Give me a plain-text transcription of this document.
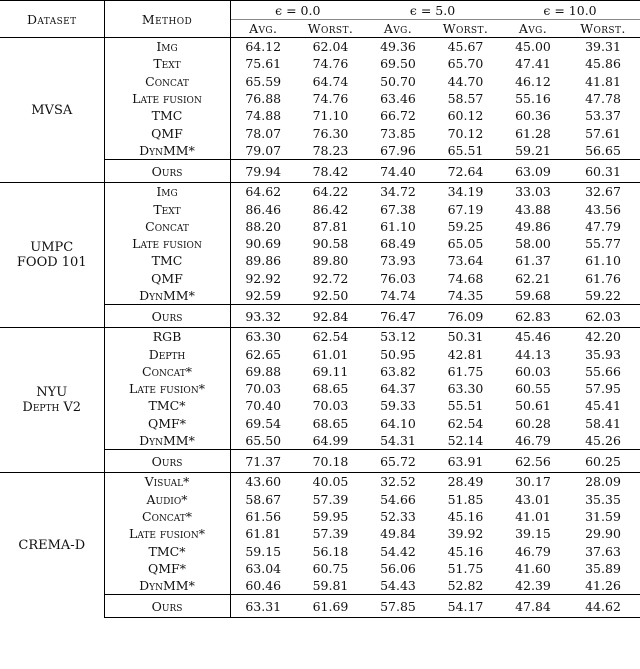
Dataset	Method	ϵ = 0.0		ϵ = 5.0		ϵ = 10.0	
		Avg.	Worst.	Avg.	Worst.	Avg.	Worst.

MVSA	Img	64.12	62.04	49.36	45.67	45.00	39.31
	Text	75.61	74.76	69.50	65.70	47.41	45.86
	Concat	65.59	64.74	50.70	44.70	46.12	41.81
	Late fusion	76.88	74.76	63.46	58.57	55.16	47.78
	TMC	74.88	71.10	66.72	60.12	60.36	53.37
	QMF	78.07	76.30	73.85	70.12	61.28	57.61
	DynMM*	79.07	78.23	67.96	65.51	59.21	56.65
	Ours	79.94	78.42	74.40	72.64	63.09	60.31

UMPC
FOOD 101	Img	64.62	64.22	34.72	34.19	33.03	32.67
	Text	86.46	86.42	67.38	67.19	43.88	43.56
	Concat	88.20	87.81	61.10	59.25	49.86	47.79
	Late fusion	90.69	90.58	68.49	65.05	58.00	55.77
	TMC	89.86	89.80	73.93	73.64	61.37	61.10
	QMF	92.92	92.72	76.03	74.68	62.21	61.76
	DynMM*	92.59	92.50	74.74	74.35	59.68	59.22
	Ours	93.32	92.84	76.47	76.09	62.83	62.03

NYU
Depth V2	RGB	63.30	62.54	53.12	50.31	45.46	42.20
	Depth	62.65	61.01	50.95	42.81	44.13	35.93
	Concat*	69.88	69.11	63.82	61.75	60.03	55.66
	Late fusion*	70.03	68.65	64.37	63.30	60.55	57.95
	TMC*	70.40	70.03	59.33	55.51	50.61	45.41
	QMF*	69.54	68.65	64.10	62.54	60.28	58.41
	DynMM*	65.50	64.99	54.31	52.14	46.79	45.26
	Ours	71.37	70.18	65.72	63.91	62.56	60.25

CREMA-D	Visual*	43.60	40.05	32.52	28.49	30.17	28.09
	Audio*	58.67	57.39	54.66	51.85	43.01	35.35
	Concat*	61.56	59.95	52.33	45.16	41.01	31.59
	Late fusion*	61.81	57.39	49.84	39.92	39.15	29.90
	TMC*	59.15	56.18	54.42	45.16	46.79	37.63
	QMF*	63.04	60.75	56.06	51.75	41.60	35.89
	DynMM*	60.46	59.81	54.43	52.82	42.39	41.26
	Ours	63.31	61.69	57.85	54.17	47.84	44.62
